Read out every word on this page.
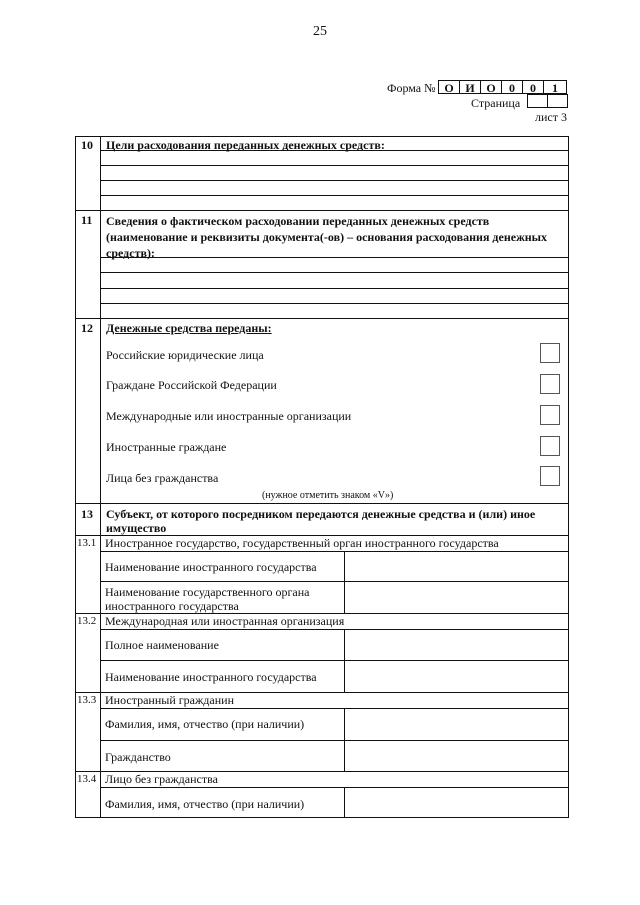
25
Форма № О И О	0	0	1
Страница
лист 3
10 Цели расходования переданных денежных средств:
11 Сведения о фактическом расходовании переданных денежных средств (наименование и реквизиты документа(-ов) – основания расходования денежных средств):
12 Денежные средства переданы:
Российские юридические лица
Граждане Российской Федерации
Международные или иностранные организации
Иностранные граждане
Лица без гражданства
(нужное отметить знаком «V»)
13 Субъект, от которого посредником передаются денежные средства и (или) иное имущество
13.1 Иностранное государство, государственный орган иностранного государства
Наименование иностранного государства
Наименование государственного органа иностранного государства
13.2 Международная или иностранная организация
Полное наименование
Наименование иностранного государства
13.3 Иностранный гражданин
Фамилия, имя, отчество (при наличии)
Гражданство
13.4 Лицо без гражданства
Фамилия, имя, отчество (при наличии)
